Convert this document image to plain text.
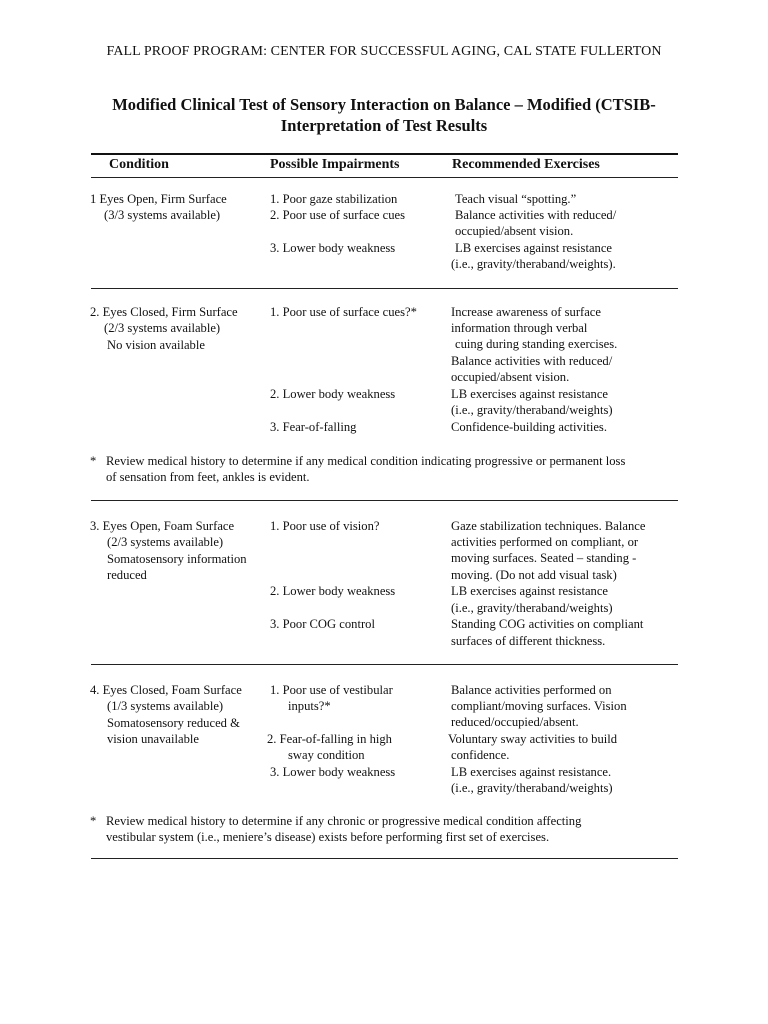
FALL PROOF PROGRAM: CENTER FOR SUCCESSFUL AGING, CAL STATE FULLERTON
Modified Clinical Test of Sensory Interaction on Balance – Modified (CTSIB-
Interpretation of Test Results
Condition	Possible Impairments	Recommended Exercises
1 Eyes Open, Firm Surface
(3/3 systems available)
1. Poor gaze stabilization
2. Poor use of surface cues
3. Lower body weakness
Teach visual “spotting.”
Balance activities with reduced/
occupied/absent vision.
LB exercises against resistance
(i.e., gravity/theraband/weights).
2. Eyes Closed, Firm Surface
(2/3 systems available)
No vision available
1. Poor use of surface cues?*
2. Lower body weakness
3. Fear-of-falling
Increase awareness of surface
information through verbal
cuing during standing exercises.
Balance activities with reduced/
occupied/absent vision.
LB exercises against resistance
(i.e., gravity/theraband/weights)
Confidence-building activities.
* Review medical history to determine if any medical condition indicating progressive or permanent loss
of sensation from feet, ankles is evident.
3. Eyes Open, Foam Surface
(2/3 systems available)
Somatosensory information
reduced
1. Poor use of vision?
2. Lower body weakness
3. Poor COG control
Gaze stabilization techniques. Balance
activities performed on compliant, or
moving surfaces. Seated – standing -
moving. (Do not add visual task)
LB exercises against resistance
(i.e., gravity/theraband/weights)
Standing COG activities on compliant
surfaces of different thickness.
4. Eyes Closed, Foam Surface
(1/3 systems available)
Somatosensory reduced &
vision unavailable
1. Poor use of vestibular
inputs?*
2. Fear-of-falling in high
sway condition
3. Lower body weakness
Balance activities performed on
compliant/moving surfaces. Vision
reduced/occupied/absent.
Voluntary sway activities to build
confidence.
LB exercises against resistance.
(i.e., gravity/theraband/weights)
* Review medical history to determine if any chronic or progressive medical condition affecting
vestibular system (i.e., meniere’s disease) exists before performing first set of exercises.
